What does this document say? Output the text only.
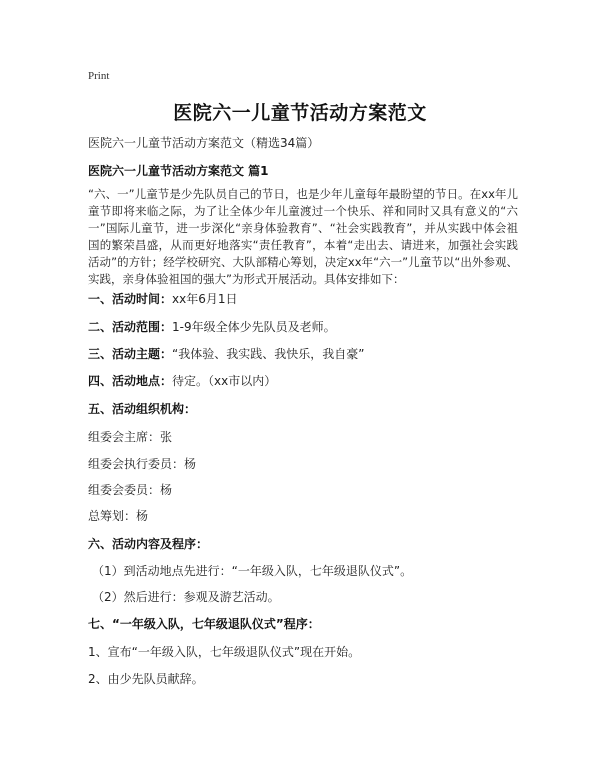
Print
医院六一儿童节活动方案范文
医院六一儿童节活动方案范文（精选34篇）
医院六一儿童节活动方案范文 篇1
“六、一”儿童节是少先队员自己的节日，也是少年儿童每年最盼望的节日。在xx年儿童节即将来临之际，为了让全体少年儿童渡过一个快乐、祥和同时又具有意义的“六一”国际儿童节，进一步深化“亲身体验教育”、“社会实践教育”，并从实践中体会祖国的繁荣昌盛，从而更好地落实“责任教育”，本着“走出去、请进来，加强社会实践活动”的方针；经学校研究、大队部精心筹划，决定xx年“六一”儿童节以“出外参观、实践，亲身体验祖国的强大”为形式开展活动。具体安排如下：
一、活动时间：xx年6月1日
二、活动范围：1-9年级全体少先队员及老师。
三、活动主题：“我体验、我实践、我快乐，我自豪”
四、活动地点：待定。（xx市以内）
五、活动组织机构：
组委会主席：张
组委会执行委员：杨
组委会委员：杨
总筹划：杨
六、活动内容及程序：
（1）到活动地点先进行：“一年级入队，七年级退队仪式”。
（2）然后进行：参观及游艺活动。
七、“一年级入队，七年级退队仪式”程序：
1、宣布“一年级入队，七年级退队仪式”现在开始。
2、由少先队员献辞。
